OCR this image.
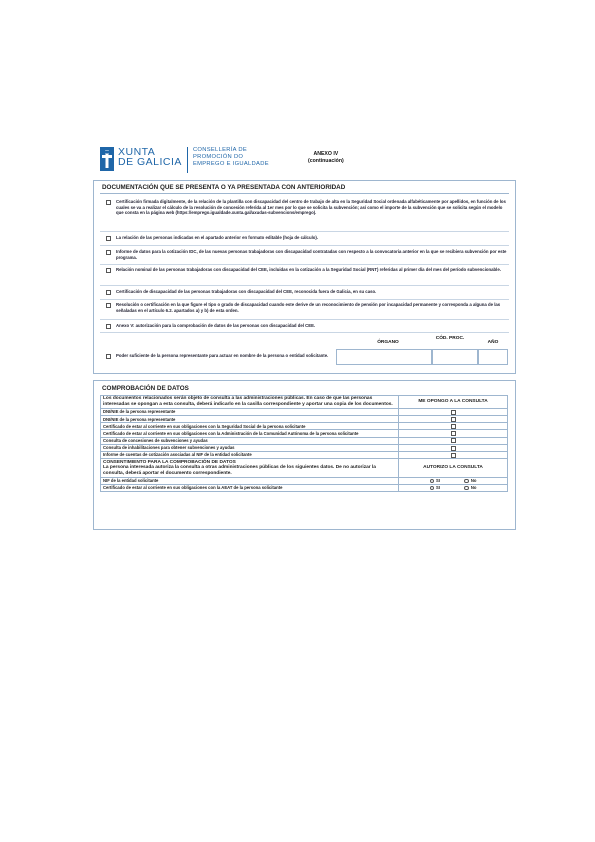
XUNTA
DE GALICIA
CONSELLERÍA DE
PROMOCIÓN DO
EMPREGO E IGUALDADE
ANEXO IV
(continuación)
DOCUMENTACIÓN QUE SE PRESENTA O YA PRESENTADA CON ANTERIORIDAD
Certificación firmada digitalmente, de la relación de la plantilla con discapacidad del centro de trabajo de alta en la Seguridad Social ordenada alfabéticamente por apellidos, en función de los cuales se va a realizar el cálculo de la resolución de concesión referida al 1er mes por lo que se solicita la subvención; así como el importe de la subvención que se solicita según el modelo que consta en la página web (https://emprego.igualdade.xunta.gal/axudas-subvencions/emprego).
La relación de las personas indicadas en el apartado anterior en formato editable (hoja de cálculo).
Informe de datos para la cotización IDC, de las nuevas personas trabajadoras con discapacidad contratadas con respecto a la convocatoria anterior en la que se recibiera subvención por este programa.
Relación nominal de las personas trabajadoras con discapacidad del CEE, incluidas en la cotización a la Seguridad Social (RNT) referidas al primer día del mes del período subvencionable.
Certificación de discapacidad de las personas trabajadoras con discapacidad del CEE, reconocida fuera de Galicia, en su caso.
Resolución o certificación en la que figure el tipo o grado de discapacidad cuando este derive de un reconocimiento de pensión por incapacidad permanente y corresponda a alguna de las señaladas en el artículo 6.2. apartados a) y b) de esta orden.
Anexo V: autorización para la comprobación de datos de las personas con discapacidad del CEE.
ÓRGANO
CÓD. PROC.
AÑO
Poder suficiente de la persona representante para actuar en nombre de la persona o entidad solicitante.
COMPROBACIÓN DE DATOS
Los documentos relacionados serán objeto de consulta a las administraciones públicas. En caso de que las personas interesadas se opongan a esta consulta, deberá indicarlo en la casilla correspondiente y aportar una copia de los documentos.	ME OPONGO A LA CONSULTA
DNI/NIE de la persona representante	
DNI/NIE de la persona representante	
Certificado de estar al corriente en sus obligaciones con la Seguridad Social de la persona solicitante	
Certificado de estar al corriente en sus obligaciones con la Administración de la Comunidad Autónoma de la persona solicitante	
Consulta de concesiones de subvenciones y ayudas	
Consulta de inhabilitaciones para obtener subvenciones y ayudas	
Informe de cuentas de cotización asociadas al NIF de la entidad solicitante	

CONSENTIMIENTO PARA LA COMPROBACIÓN DE DATOS
La persona interesada autoriza la consulta a otras administraciones públicas de los siguientes datos. De no autorizar la consulta, deberá aportar el documento correspondiente.	AUTORIZO LA CONSULTA
NIF de la entidad solicitante	SI No
Certificado de estar al corriente en sus obligaciones con la AEAT de la persona solicitante	SI No
